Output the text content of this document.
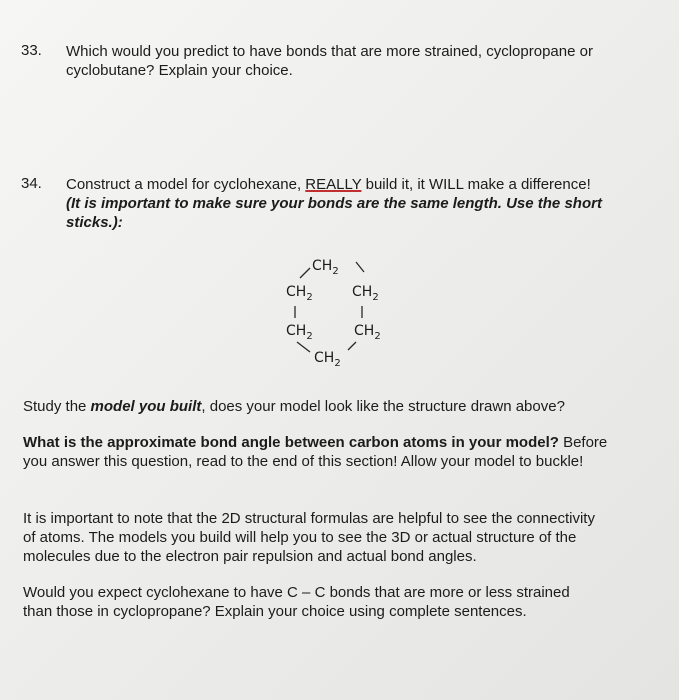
33. Which would you predict to have bonds that are more strained, cyclopropane or
cyclobutane? Explain your choice.
34. Construct a model for cyclohexane, REALLY build it, it WILL make a difference!
(It is important to make sure your bonds are the same length. Use the short
sticks.):
$CH_2$
$CH_2$	$CH_2$
$CH_2$	$CH_2$
$CH_2$
Study the model you built, does your model look like the structure drawn above?
What is the approximate bond angle between carbon atoms in your model? Before
you answer this question, read to the end of this section! Allow your model to buckle!
It is important to note that the 2D structural formulas are helpful to see the connectivity
of atoms. The models you build will help you to see the 3D or actual structure of the
molecules due to the electron pair repulsion and actual bond angles.
Would you expect cyclohexane to have C – C bonds that are more or less strained
than those in cyclopropane? Explain your choice using complete sentences.
